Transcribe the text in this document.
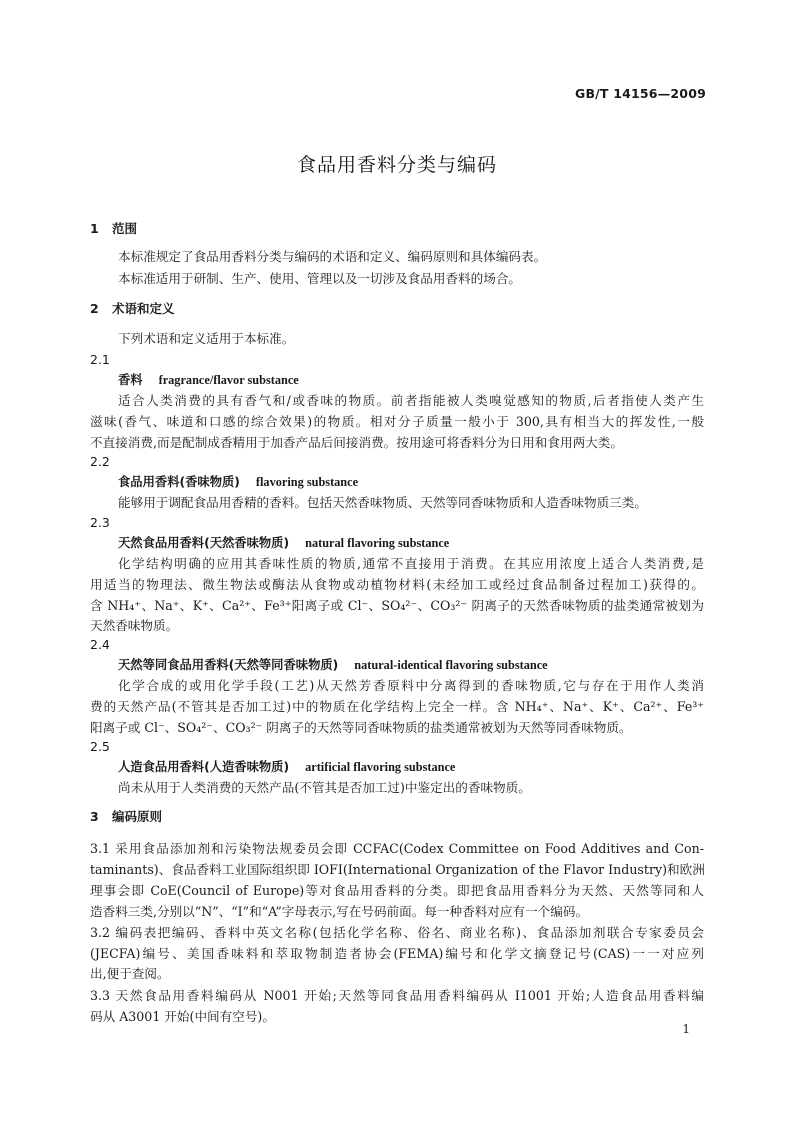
GB/T 14156—2009
食品用香料分类与编码
1 范围
本标准规定了食品用香料分类与编码的术语和定义、编码原则和具体编码表。
本标准适用于研制、生产、使用、管理以及一切涉及食品用香料的场合。
2 术语和定义
下列术语和定义适用于本标准。
2.1
香料 fragrance/flavor substance
适合人类消费的具有香气和/或香味的物质。前者指能被人类嗅觉感知的物质,后者指使人类产生
滋味(香气、味道和口感的综合效果)的物质。相对分子质量一般小于 300,具有相当大的挥发性,一般
不直接消费,而是配制成香精用于加香产品后间接消费。按用途可将香料分为日用和食用两大类。
2.2
食品用香料(香味物质) flavoring substance
能够用于调配食品用香精的香料。包括天然香味物质、天然等同香味物质和人造香味物质三类。
2.3
天然食品用香料(天然香味物质) natural flavoring substance
化学结构明确的应用其香味性质的物质,通常不直接用于消费。在其应用浓度上适合人类消费,是
用适当的物理法、微生物法或酶法从食物或动植物材料(未经加工或经过食品制备过程加工)获得的。
含 NH₄⁺、Na⁺、K⁺、Ca²⁺、Fe³⁺阳离子或 Cl⁻、SO₄²⁻、CO₃²⁻ 阴离子的天然香味物质的盐类通常被划为
天然香味物质。
2.4
天然等同食品用香料(天然等同香味物质) natural-identical flavoring substance
化学合成的或用化学手段(工艺)从天然芳香原料中分离得到的香味物质,它与存在于用作人类消
费的天然产品(不管其是否加工过)中的物质在化学结构上完全一样。含 NH₄⁺、Na⁺、K⁺、Ca²⁺、Fe³⁺
阳离子或 Cl⁻、SO₄²⁻、CO₃²⁻ 阴离子的天然等同香味物质的盐类通常被划为天然等同香味物质。
2.5
人造食品用香料(人造香味物质) artificial flavoring substance
尚未从用于人类消费的天然产品(不管其是否加工过)中鉴定出的香味物质。
3 编码原则
3.1 采用食品添加剂和污染物法规委员会即 CCFAC(Codex Committee on Food Additives and Con-
taminants)、食品香料工业国际组织即 IOFI(International Organization of the Flavor Industry)和欧洲
理事会即 CoE(Council of Europe)等对食品用香料的分类。即把食品用香料分为天然、天然等同和人
造香料三类,分别以“N”、“I”和“A”字母表示,写在号码前面。每一种香料对应有一个编码。
3.2 编码表把编码、香料中英文名称(包括化学名称、俗名、商业名称)、食品添加剂联合专家委员会
(JECFA)编号、美国香味料和萃取物制造者协会(FEMA)编号和化学文摘登记号(CAS)一一对应列
出,便于查阅。
3.3 天然食品用香料编码从 N001 开始;天然等同食品用香料编码从 I1001 开始;人造食品用香料编
码从 A3001 开始(中间有空号)。
1
